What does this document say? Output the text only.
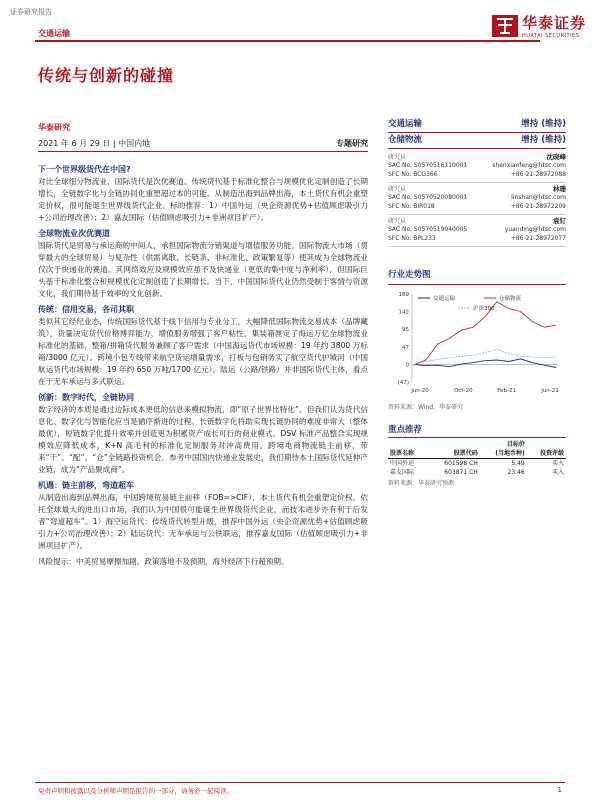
证券研究报告
华泰证券
HUATAI SECURITIES
交通运输
传统与创新的碰撞
华泰研究
2021 年 6 月 29 日 | 中国内地	专题研究
下一个世界级货代在中国?
对比全球细分物流业，国际货代是次优赛道。传统货代基于标准化整合与规模优化定制创造了长期增长，全链数字化与全链协同化重塑超过本的可能。从制造出海到品牌出海，本土货代有机会重塑定价权，很可能诞生世界级货代企业。标的推荐：1）中国外运（央企资源优势+估值顾虑吸引力+公司治理改善）；2）嘉友国际（估值顾虑吸引力+非洲项目扩产）。
全球物流业次优赛道
国际货代是贸易与承运商的中间人，承担国际物流分销渠道与增值服务功能。国际物流大市场（贯穿最大的全球贸易）与复杂性（供需离散、长链条、非标准化、政策繁复等）使其成为全球物流业仅次于快递业的赛道。其网络效应及规模效应虽不及快递业（更低的集中度与净利率），但国际巨头基于标准化整合和规模优化定制创造了长期增长。当下，中国国际货代业仍然受制于客情与资源文化，我们期待基于效率的文化创新。
传统：信用交易，各司其职
类似其它经纪业态，传统国际货代基于线下信用与专业分工，大幅降低国际物流交易成本（品牌藏筑），货量决定货代价格博弈能力，增值服务增强了客户粘性。集装箱匣定了海运万亿全球物流业标准化的基础，整箱/拼箱货代服务兼顾了客户需求（中国海运货代市场规模：19 年约 3800 万标箱/3000 亿元）。跨境小包专线带来航空货运增量需求，打板与包销务实了航空货代护城河（中国航运货代市场规模：19 年约 650 万吨/1700 亿元）。陆运（公路/铁路）并非国际货代主体，看点在于无车承运与多式联运。
创新：数字时代，全链协同
数字经济的本质是通过边际成本更低的信息来模拟物流，即“原子世界比特化”。但我们认为货代信息化、数字化与智能化应当是循序渐进的过程。长链数字化将助实现长链协同的难度非常大（整体最优），短链数字化提升效率并创造更为积累资产成长可行的商业模式。DSV 标准产品整合实现规模效应降低成本，K+N 高毛利的标准化定制服务对冲高费用。跨境电商物流链主前移，带来“干”、“配”、“仓”全链路投资机会。参考中国国内快递业发展史，我们期待本土国际货代延伸产业链，成为“产品聚成商”。
机遇：链主前移，弯道超车
从制造出海到品牌出海，中国跨境贸易链主前移（FOB=>CIF），本土货代有机会重塑定价权。依托全球最大的进出口市场，我们认为中国很可能诞生世界级货代企业，而技术进步亦有利于后发者“弯道超车”。1）海空运货代：传统货代转型升级，推荐中国外运（央企资源优势+估值顾虑吸引力+公司治理改善）；2）陆运货代：无车承运与公铁联运，推荐嘉友国际（估值顾虑吸引力+非洲项目扩产）。
风险提示：中美贸易摩擦加剧，政策落地不及预期，海外经济下行超预期。
交通运输	增持 (维持)
仓储物流	增持 (维持)
研究员	沈晓峰
SAC No. S0570516110001	shenxiaofeng@htsc.com
SFC No. BCG366	+86-21-28972088
研究员	林珊
SAC No. S0570520080001	linshan@htsc.com
SFC No. BIR018	+86-21-28972209
研究员	袁钉
SAC No. S0570519040005	yuanding@htsc.com
SFC No. BPL233	+86-21-28972077
行业走势图
189
142
95
47
0
(47)
Jun-20	Oct-20	Feb-21	Jun-21
交通运输	仓储物流
沪深300
资料来源：Wind，华泰研究
重点推荐
		目标价	
股票名称	股票代码	(当地币种)	投资评级
中国外运	601598 CH	5.49	买入
嘉友国际	603871 CH	23.46	买入
资料来源：华泰研究预测
免责声明和披露以及分析师声明是报告的一部分，请务必一起阅读。	1
